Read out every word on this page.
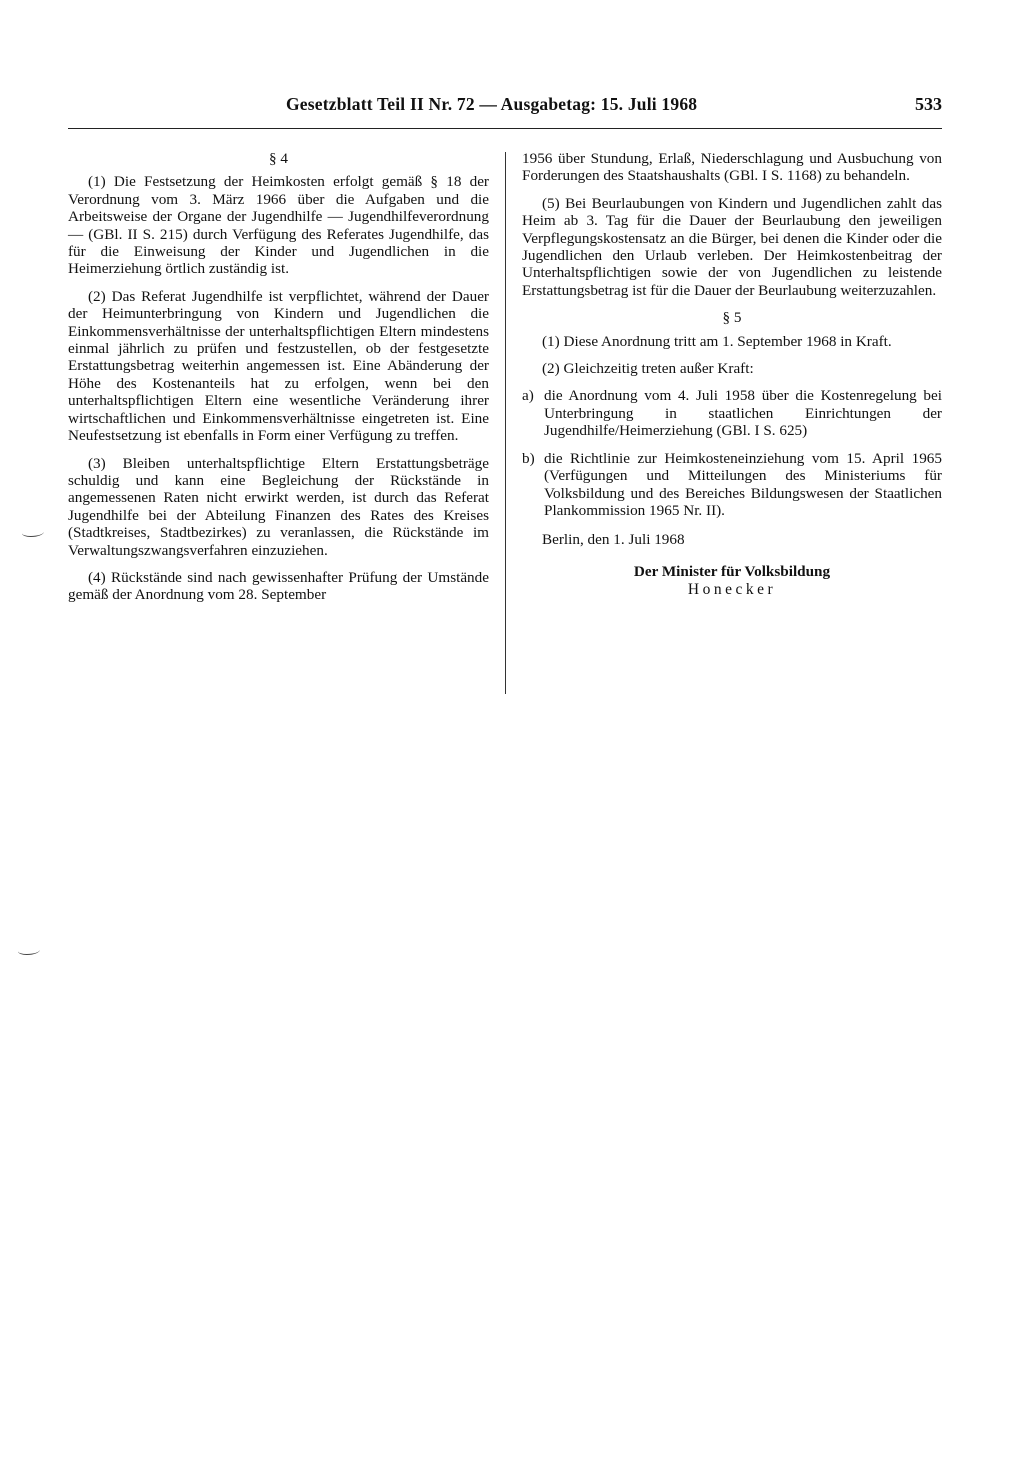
Gesetzblatt Teil II Nr. 72 — Ausgabetag: 15. Juli 1968	533

§ 4

(1) Die Festsetzung der Heimkosten erfolgt gemäß § 18 der Verordnung vom 3. März 1966 über die Aufgaben und die Arbeitsweise der Organe der Jugendhilfe — Jugendhilfeverordnung — (GBl. II S. 215) durch Verfügung des Referates Jugendhilfe, das für die Einweisung der Kinder und Jugendlichen in die Heimerziehung örtlich zuständig ist.

(2) Das Referat Jugendhilfe ist verpflichtet, während der Dauer der Heimunterbringung von Kindern und Jugendlichen die Einkommensverhältnisse der unterhaltspflichtigen Eltern mindestens einmal jährlich zu prüfen und festzustellen, ob der festgesetzte Erstattungsbetrag weiterhin angemessen ist. Eine Abänderung der Höhe des Kostenanteils hat zu erfolgen, wenn bei den unterhaltspflichtigen Eltern eine wesentliche Veränderung ihrer wirtschaftlichen und Einkommensverhältnisse eingetreten ist. Eine Neufestsetzung ist ebenfalls in Form einer Verfügung zu treffen.

(3) Bleiben unterhaltspflichtige Eltern Erstattungsbeträge schuldig und kann eine Begleichung der Rückstände in angemessenen Raten nicht erwirkt werden, ist durch das Referat Jugendhilfe bei der Abteilung Finanzen des Rates des Kreises (Stadtkreises, Stadtbezirkes) zu veranlassen, die Rückstände im Verwaltungszwangsverfahren einzuziehen.

(4) Rückstände sind nach gewissenhafter Prüfung der Umstände gemäß der Anordnung vom 28. September

1956 über Stundung, Erlaß, Niederschlagung und Ausbuchung von Forderungen des Staatshaushalts (GBl. I S. 1168) zu behandeln.

(5) Bei Beurlaubungen von Kindern und Jugendlichen zahlt das Heim ab 3. Tag für die Dauer der Beurlaubung den jeweiligen Verpflegungskostensatz an die Bürger, bei denen die Kinder oder die Jugendlichen den Urlaub verleben. Der Heimkostenbeitrag der Unterhaltspflichtigen sowie der von Jugendlichen zu leistende Erstattungsbetrag ist für die Dauer der Beurlaubung weiterzuzahlen.

§ 5

(1) Diese Anordnung tritt am 1. September 1968 in Kraft.

(2) Gleichzeitig treten außer Kraft:

a) die Anordnung vom 4. Juli 1958 über die Kostenregelung bei Unterbringung in staatlichen Einrichtungen der Jugendhilfe/Heimerziehung (GBl. I S. 625)
b) die Richtlinie zur Heimkosteneinziehung vom 15. April 1965 (Verfügungen und Mitteilungen des Ministeriums für Volksbildung und des Bereiches Bildungswesen der Staatlichen Plankommission 1965 Nr. II).

Berlin, den 1. Juli 1968

Der Minister für Volksbildung

Honecker
